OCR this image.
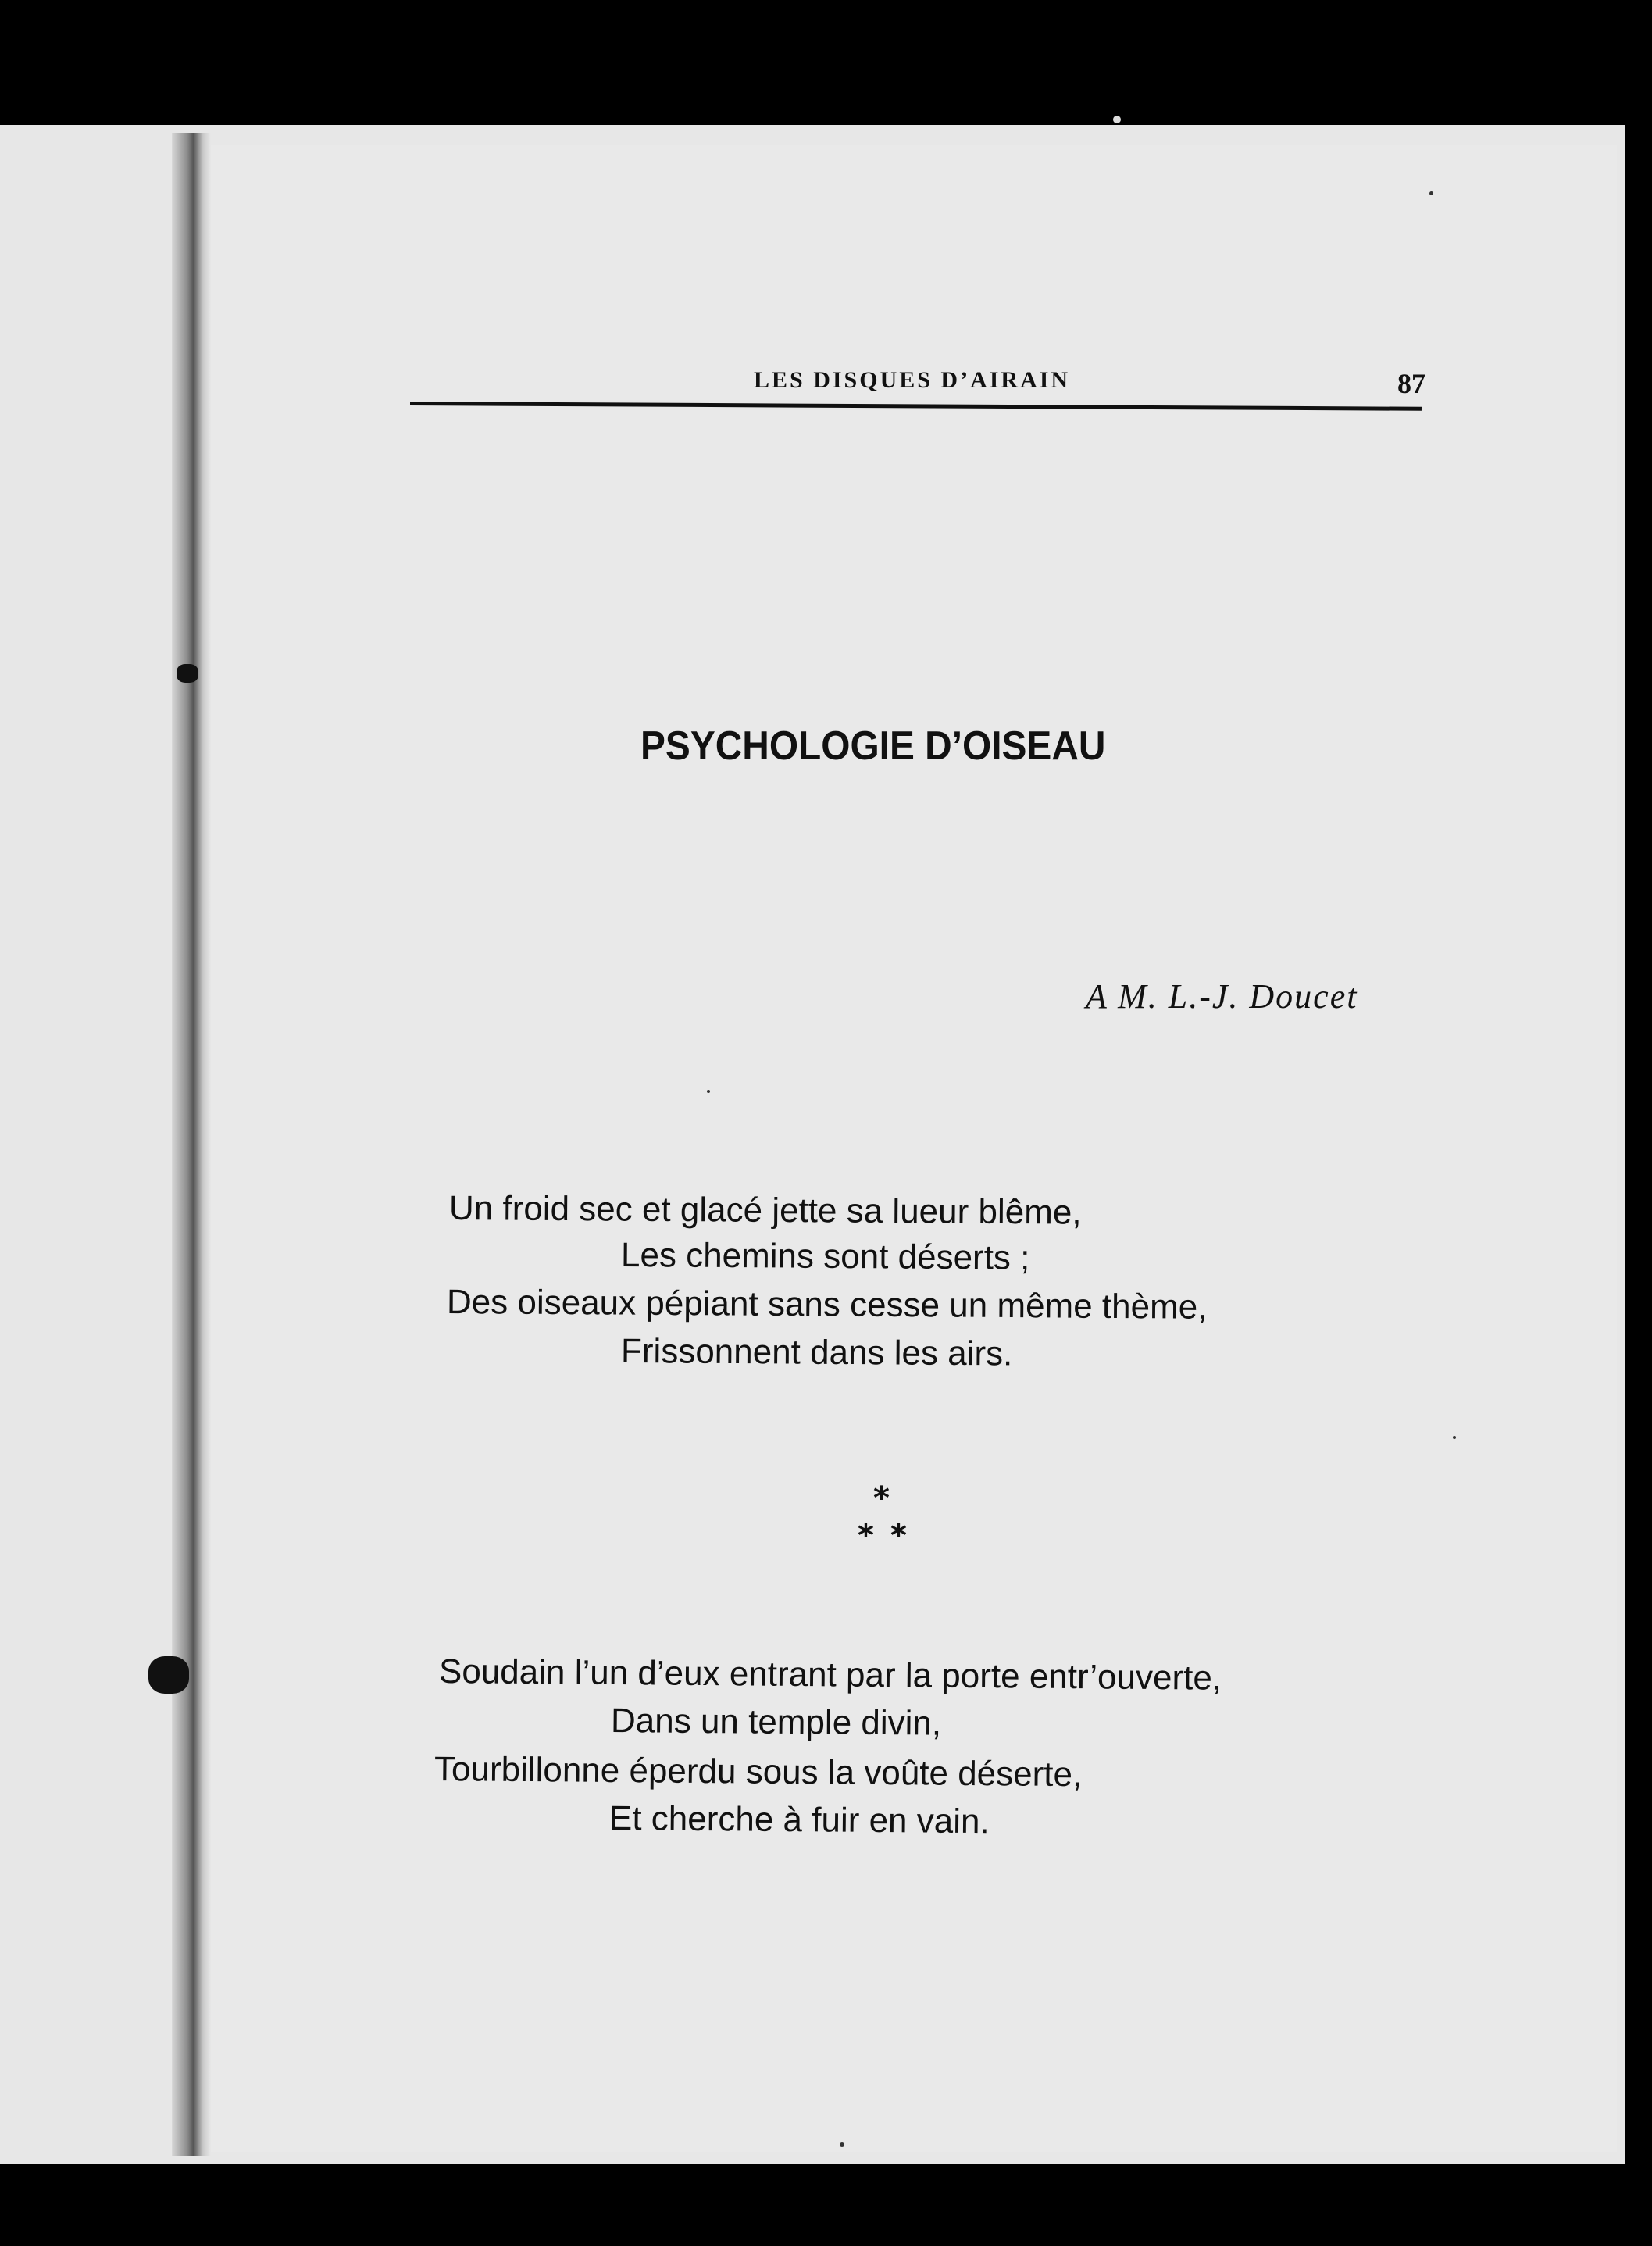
LES DISQUES D’AIRAIN	87
PSYCHOLOGIE D’OISEAU
A M. L.-J. Doucet
Un froid sec et glacé jette sa lueur blême,
Les chemins sont déserts ;
Des oiseaux pépiant sans cesse un même thème,
Frissonnent dans les airs.
*
* *
Soudain l’un d’eux entrant par la porte entr’ouverte,
Dans un temple divin,
Tourbillonne éperdu sous la voûte déserte,
Et cherche à fuir en vain.
